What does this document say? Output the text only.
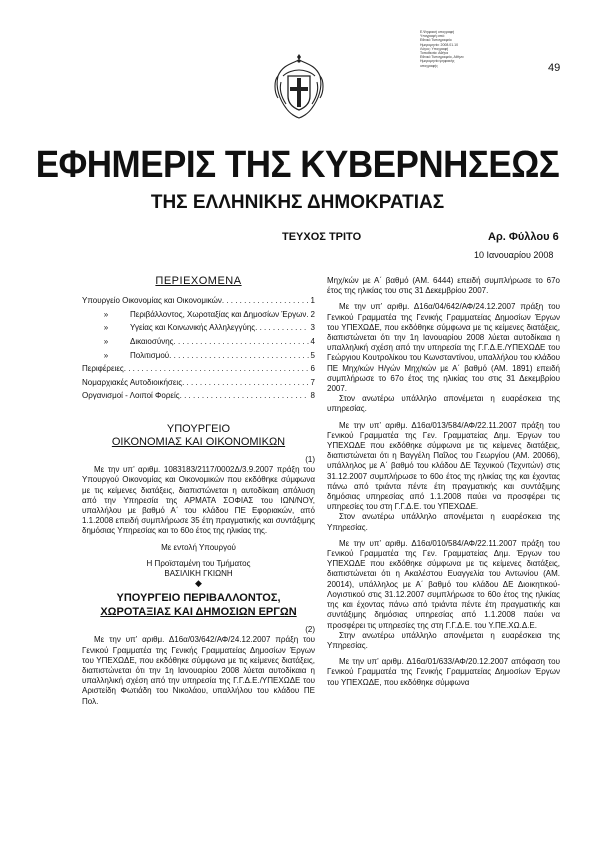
Ε.Ψηφιακή υπογραφή
Υπογραφή από:
Εθνικό Τυπογραφείο
Ημερομηνία: 2008.01.10
Λόγος: Υπογραφή
Τοποθεσία: Αθήνα
Εθνικό Τυπογραφείο, Αθήνα
Ημερομηνία ψηφιακής
υπογραφής	49
ΕΦΗΜΕΡΙΣ ΤΗΣ ΚΥΒΕΡΝΗΣΕΩΣ
ΤΗΣ ΕΛΛΗΝΙΚΗΣ ΔΗΜΟΚΡΑΤΙΑΣ
ΤΕΥΧΟΣ ΤΡΙΤΟ	Αρ. Φύλλου 6
10 Ιανουαρίου 2008
ΠΕΡΙΕΧΟΜΕΝΑ
Υπουργείο Οικονομίας και Οικονομικών . . .	1
»	Περιβάλλοντος, Χωροταξίας και Δημοσίων Έργων . . . 2
»	Υγείας και Κοινωνικής Αλληλεγγύης . . .	3
»	Δικαιοσύνης . . .	4
»	Πολιτισμού . . .	5
Περιφέρειες . . .	6
Νομαρχιακές Αυτοδιοικήσεις . . .	7
Οργανισμοί - Λοιποί Φορείς . . .	8
ΥΠΟΥΡΓΕΙΟ
ΟΙΚΟΝΟΜΙΑΣ ΚΑΙ ΟΙΚΟΝΟΜΙΚΩΝ

(1)

Με την υπ’ αριθμ. 1083183/2117/0002Δ/3.9.2007 πράξη του Υπουργού Οικονομίας και Οικονομικών που εκδόθηκε σύμφωνα με τις κείμενες διατάξεις, διαπιστώνεται η αυτοδίκαιη απόλυση από την Υπηρεσία της ΑΡΜΑΤΑ ΣΟΦΙΑΣ του ΙΩΝ/ΝΟΥ, υπαλλήλου με βαθμό Α΄ του κλάδου ΠΕ Εφοριακών, από 1.1.2008 επειδή συμπλήρωσε 35 έτη πραγματικής και συντάξιμης δημόσιας Υπηρεσίας και το 60ο έτος της ηλικίας της.

Με εντολή Υπουργού

Η Προϊσταμένη του Τμήματος

ΒΑΣΙΛΙΚΗ ΓΚΙΩΝΗ

◆
ΥΠΟΥΡΓΕΙΟ ΠΕΡΙΒΑΛΛΟΝΤΟΣ,
ΧΩΡΟΤΑΞΙΑΣ ΚΑΙ ΔΗΜΟΣΙΩΝ ΕΡΓΩΝ

(2)

Με την υπ’ αριθμ. Δ16α/03/642/ΑΦ/24.12.2007 πράξη του Γενικού Γραμματέα της Γενικής Γραμματείας Δημοσίων Έργων του ΥΠΕΧΩΔΕ, που εκδόθηκε σύμφωνα με τις κείμενες διατάξεις, διαπιστώνεται ότι την 1η Ιανουαρίου 2008 λύεται αυτοδίκαια η υπαλληλική σχέση από την υπηρεσία της Γ.Γ.Δ.Ε./ΥΠΕΧΩΔΕ του Αριστείδη Φωτιάδη του Νικολάου, υπαλλήλου του κλάδου ΠΕ Πολ.

Μηχ/κών με Α΄ βαθμό (ΑΜ. 6444) επειδή συμπλήρωσε το 67ο έτος της ηλικίας του στις 31 Δεκεμβρίου 2007.

Με την υπ’ αριθμ. Δ16α/04/642/ΑΦ/24.12.2007 πράξη του Γενικού Γραμματέα της Γενικής Γραμματείας Δημοσίων Έργων του ΥΠΕΧΩΔΕ, που εκδόθηκε σύμφωνα με τις κείμενες διατάξεις, διαπιστώνεται ότι την 1η Ιανουαρίου 2008 λύεται αυτοδίκαια η υπαλληλική σχέση από την υπηρεσία της Γ.Γ.Δ.Ε./ΥΠΕΧΩΔΕ του Γεώργιου Κουτρολίκου του Κωνσταντίνου, υπαλλήλου του κλάδου ΠΕ Μηχ/κών Η/γών Μηχ/κών με Α΄ βαθμό (ΑΜ. 1891) επειδή συμπλήρωσε το 67ο έτος της ηλικίας του στις 31 Δεκεμβρίου 2007.

Στον ανωτέρω υπάλληλο απονέμεται η ευαρέσκεια της υπηρεσίας.

Με την υπ’ αριθμ. Δ16α/013/584/ΑΦ/22.11.2007 πράξη του Γενικού Γραμματέα της Γεν. Γραμματείας Δημ. Έργων του ΥΠΕΧΩΔΕ που εκδόθηκε σύμφωνα με τις κείμενες διατάξεις, διαπιστώνεται ότι η Βαγγέλη Παΐλος του Γεωργίου (ΑΜ. 20066), υπάλληλος με Α΄ βαθμό του κλάδου ΔΕ Τεχνικού (Τεχνιτών) στις 31.12.2007 συμπλήρωσε το 60ο έτος της ηλικίας της και έχοντας πάνω από τριάντα πέντε έτη πραγματικής και συντάξιμης δημόσιας υπηρεσίας από 1.1.2008 παύει να προσφέρει τις υπηρεσίες του στη Γ.Γ.Δ.Ε. του ΥΠΕΧΩΔΕ.

Στον ανωτέρω υπάλληλο απονέμεται η ευαρέσκεια της Υπηρεσίας.

Με την υπ’ αριθμ. Δ16α/010/584/ΑΦ/22.11.2007 πράξη του Γενικού Γραμματέα της Γεν. Γραμματείας Δημ. Έργων του ΥΠΕΧΩΔΕ που εκδόθηκε σύμφωνα με τις κείμενες διατάξεις, διαπιστώνεται ότι η Ακαλέστου Ευαγγελία του Αντωνίου (ΑΜ. 20014), υπάλληλος με Α΄ βαθμό του κλάδου ΔΕ Διοικητικού-Λογιστικού στις 31.12.2007 συμπλήρωσε το 60ο έτος της ηλικίας της και έχοντας πάνω από τριάντα πέντε έτη πραγματικής και συντάξιμης δημόσιας υπηρεσίας από 1.1.2008 παύει να προσφέρει τις υπηρεσίες της στη Γ.Γ.Δ.Ε. του Υ.ΠΕ.ΧΩ.Δ.Ε.

Στην ανωτέρω υπάλληλο απονέμεται η ευαρέσκεια της Υπηρεσίας.

Με την υπ’ αριθμ. Δ16α/01/633/ΑΦ/20.12.2007 απόφαση του Γενικού Γραμματέα της Γενικής Γραμματείας Δημοσίων Έργων του ΥΠΕΧΩΔΕ, που εκδόθηκε σύμφωνα
